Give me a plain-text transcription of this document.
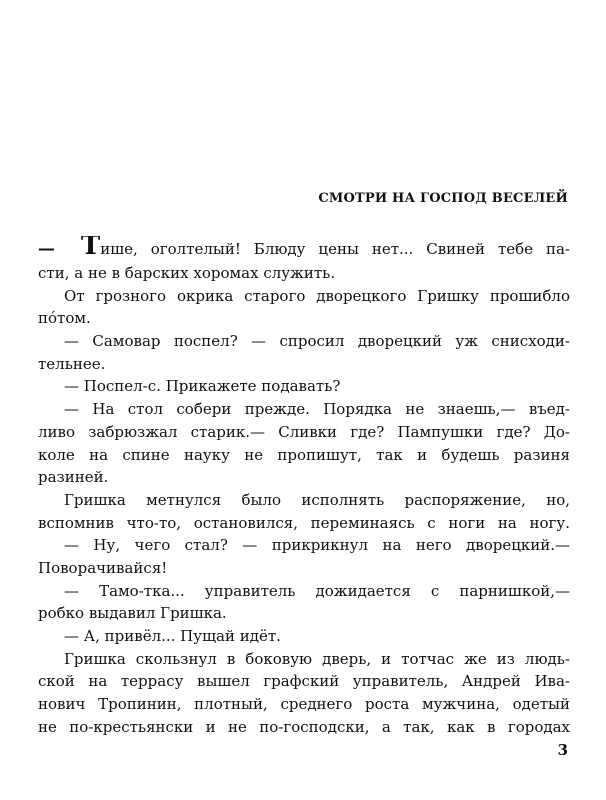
СМОТРИ НА ГОСПОД ВЕСЕЛЕЙ
— Тише, оголтелый! Блюду цены нет... Свиней тебе па-
сти, а не в барских хоромах служить.
От грозного окрика старого дворецкого Гришку прошибло
пóтом.
— Самовар поспел? — спросил дворецкий уж снисходи-
тельнее.
— Поспел-с. Прикажете подавать?
— На стол собери прежде. Порядка не знаешь,— въед-
ливо забрюзжал старик.— Сливки где? Пампушки где? До-
коле на спине науку не пропишут, так и будешь разиня
разиней.
Гришка метнулся было исполнять распоряжение, но,
вспомнив что-то, остановился, переминаясь с ноги на ногу.
— Ну, чего стал? — прикрикнул на него дворецкий.—
Поворачивайся!
— Тамо-тка... управитель дожидается с парнишкой,—
робко выдавил Гришка.
— А, привёл... Пущай идёт.
Гришка скользнул в боковую дверь, и тотчас же из людь-
ской на террасу вышел графский управитель, Андрей Ива-
нович Тропинин, плотный, среднего роста мужчина, одетый
не по-крестьянски и не по-господски, а так, как в городах
3
